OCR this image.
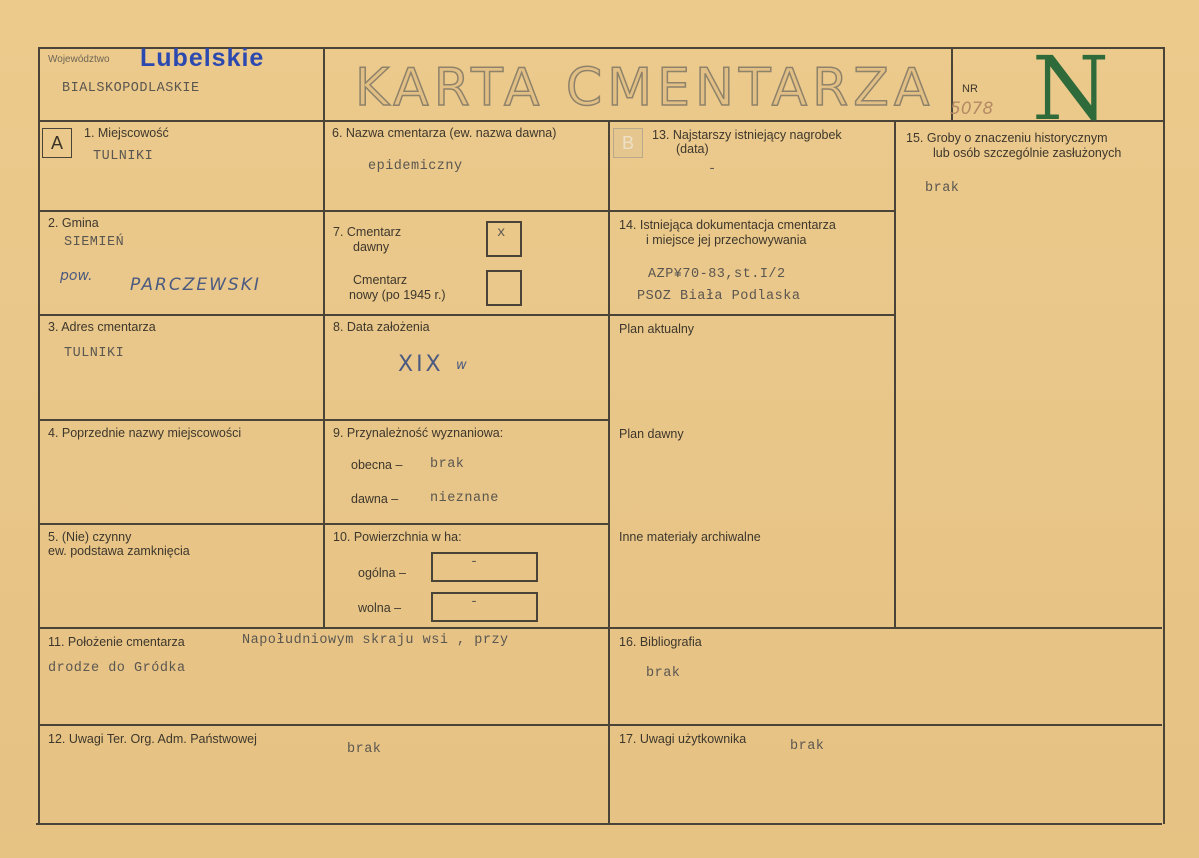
Województwo Lubelskie
BIALSKOPODLASKIE	KARTA CMENTARZA	NR
5078 N
A	1. Miejscowość
TULNIKI
2. Gmina
SIEMIEŃ
pow. PARCZEWSKI
3. Adres cmentarza
TULNIKI
4. Poprzednie nazwy miejscowości
5. (Nie) czynny
ew. podstawa zamknięcia
6. Nazwa cmentarza (ew. nazwa dawna)
epidemiczny
7. Cmentarz
dawny
x
Cmentarz
nowy (po 1945 r.)
8. Data założenia
XIX w
9. Przynależność wyznaniowa:
obecna – brak
dawna – nieznane
10. Powierzchnia w ha:
ogólna –
-
wolna –	-
B	13. Najstarszy istniejący nagrobek
(data)
-
14. Istniejąca dokumentacja cmentarza
i miejsce jej przechowywania
AZP¥70-83,st.I/2
PSOZ Biała Podlaska
Plan aktualny
Plan dawny
Inne materiały archiwalne
15. Groby o znaczeniu historycznym
lub osób szczególnie zasłużonych
brak
11. Położenie cmentarza	Napołudniowym skraju wsi , przy
drodze do Gródka
16. Bibliografia
brak
12. Uwagi Ter. Org. Adm. Państwowej
brak
17. Uwagi użytkownika	brak
